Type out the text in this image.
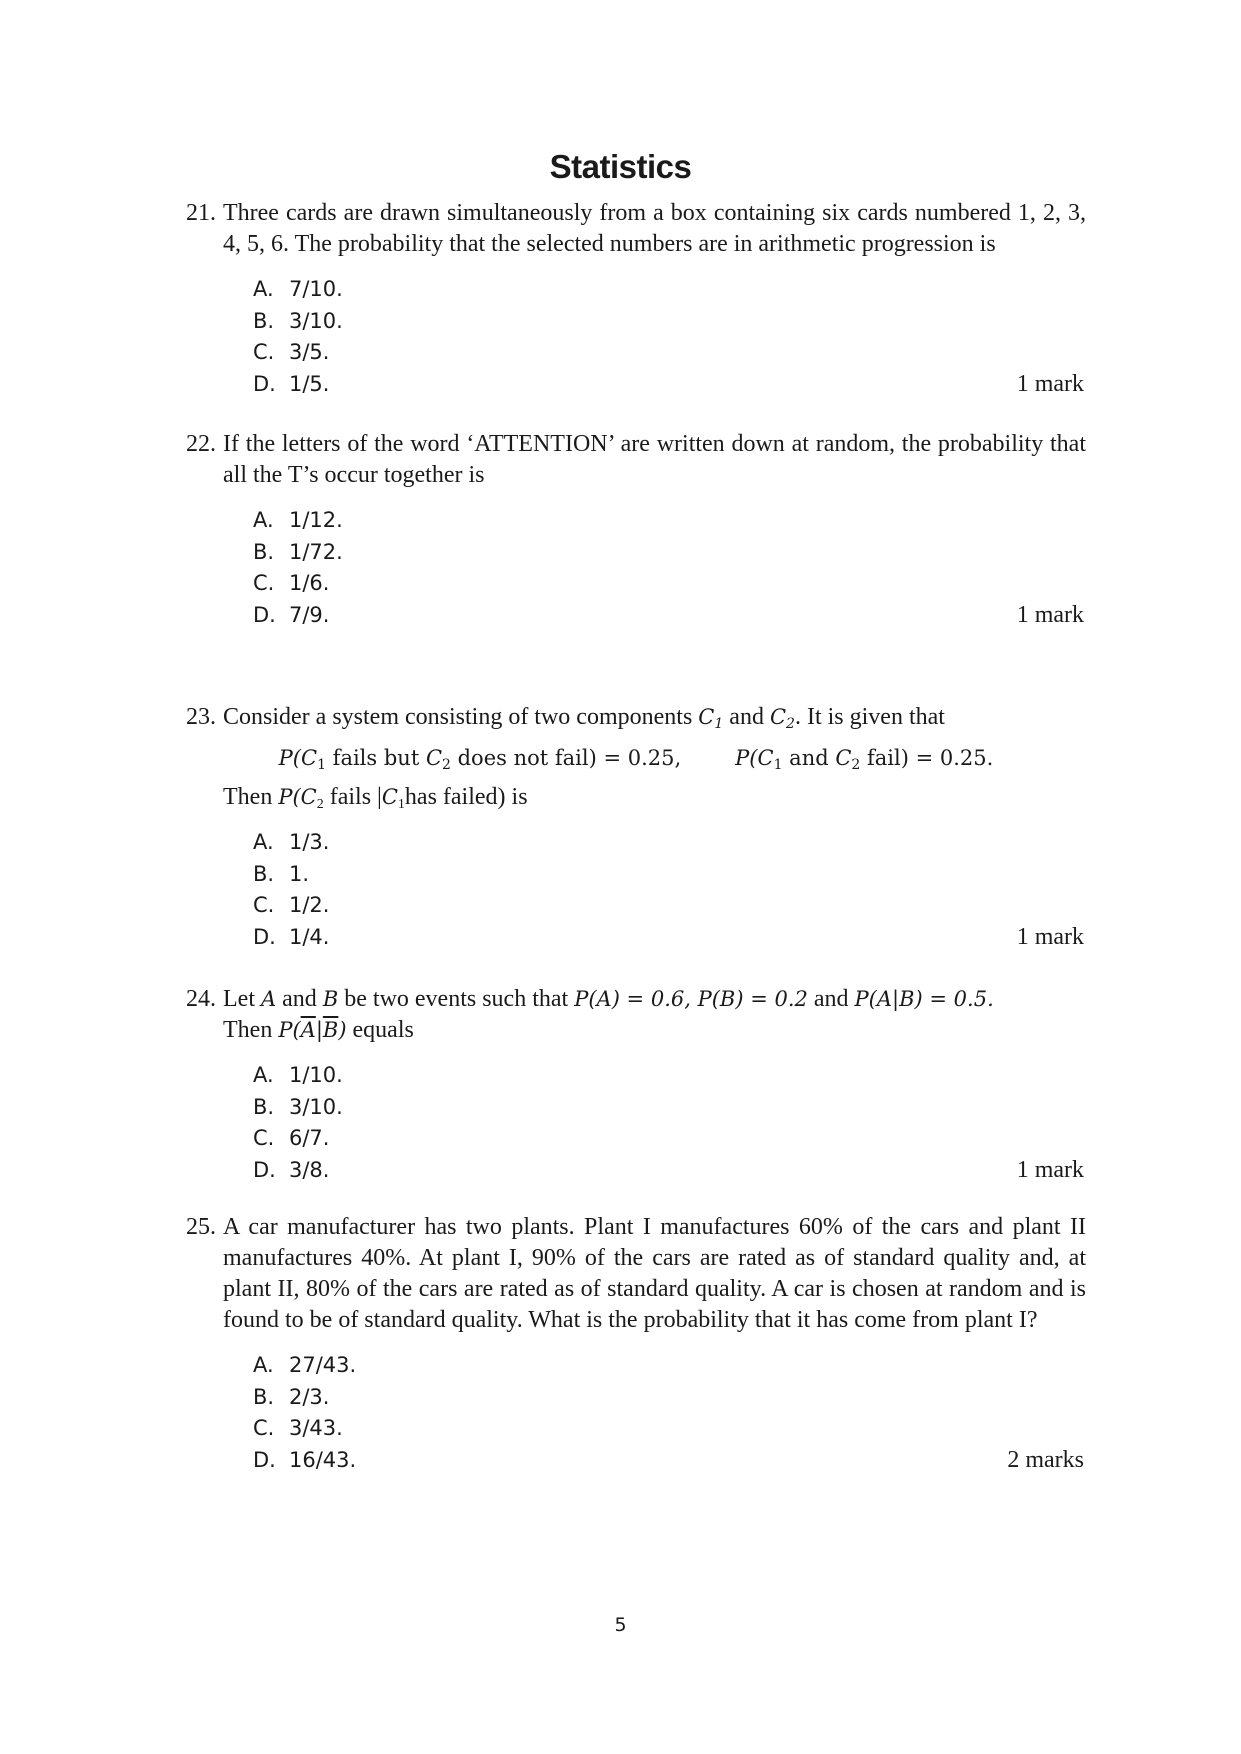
Statistics
21. Three cards are drawn simultaneously from a box containing six cards numbered 1, 2, 3, 4, 5, 6. The probability that the selected numbers are in arithmetic progression is
A. 7/10.
B. 3/10.
C. 3/5.
D. 1/5.	1 mark
22. If the letters of the word ‘ATTENTION’ are written down at random, the probability that all the T’s occur together is
A. 1/12.
B. 1/72.
C. 1/6.
D. 7/9.	1 mark
23. Consider a system consisting of two components $C_1$ and $C_2$. It is given that
$P(C_1$ fails but $C_2$ does not fail) = 0.25,	$P(C_1$ and $C_2$ fail) = 0.25.
Then $P(C_2$ fails $|C_1has$ failed) is
A. 1/3.
B. 1.
C. 1/2.
D. 1/4.	1 mark
24. Let A and B be two events such that P(A) = 0.6, P(B) = 0.2 and P(A|B) = 0.5.
Then $P(\overline{A}|\overline{B})$ equals
A. 1/10.
B. 3/10.
C. 6/7.
D. 3/8.	1 mark
25. A car manufacturer has two plants. Plant I manufactures 60% of the cars and plant II manufactures 40%. At plant I, 90% of the cars are rated as of standard quality and, at plant II, 80% of the cars are rated as of standard quality. A car is chosen at random and is found to be of standard quality. What is the probability that it has come from plant I?
A. 27/43.
B. 2/3.
C. 3/43.
D. 16/43.	2 marks
5
